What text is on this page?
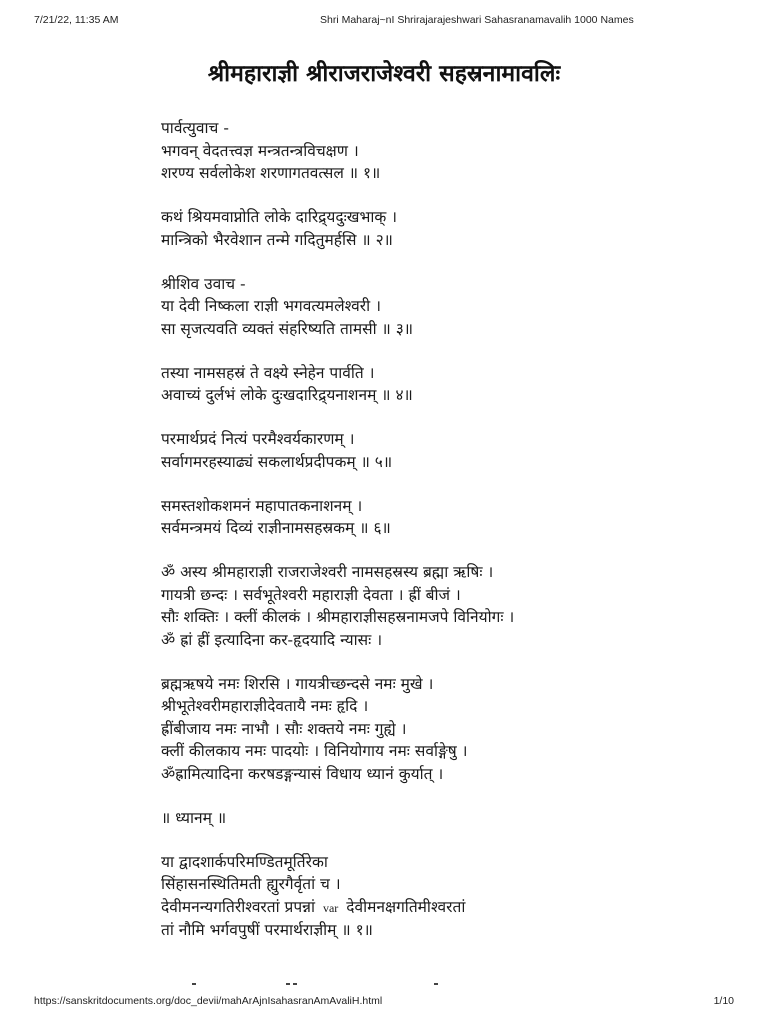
7/21/22, 11:35 AM	Shri Maharaj~nI Shrirajarajeshwari Sahasranamavalih 1000 Names
श्रीमहाराज्ञी श्रीराजराजेश्वरी सहस्रनामावलिः
पार्वत्युवाच -
भगवन् वेदतत्त्वज्ञ मन्त्रतन्त्रविचक्षण ।
शरण्य सर्वलोकेश शरणागतवत्सल ॥ १॥
कथं श्रियमवाप्नोति लोके दारिद्र्यदुःखभाक् ।
मान्त्रिको भैरवेशान तन्मे गदितुमर्हसि ॥ २॥
श्रीशिव उवाच -
या देवी निष्कला राज्ञी भगवत्यमलेश्वरी ।
सा सृजत्यवति व्यक्तं संहरिष्यति तामसी ॥ ३॥
तस्या नामसहस्रं ते वक्ष्ये स्नेहेन पार्वति ।
अवाच्यं दुर्लभं लोके दुःखदारिद्र्यनाशनम् ॥ ४॥
परमार्थप्रदं नित्यं परमैश्वर्यकारणम् ।
सर्वागमरहस्याढ्यं सकलार्थप्रदीपकम् ॥ ५॥
समस्तशोकशमनं महापातकनाशनम् ।
सर्वमन्त्रमयं दिव्यं राज्ञीनामसहस्रकम् ॥ ६॥
ॐ अस्य श्रीमहाराज्ञी राजराजेश्वरी नामसहस्रस्य ब्रह्मा ऋषिः ।
गायत्री छन्दः । सर्वभूतेश्वरी महाराज्ञी देवता । ह्रीं बीजं ।
सौः शक्तिः । क्लीं कीलकं । श्रीमहाराज्ञीसहस्रनामजपे विनियोगः ।
ॐ ह्रां ह्रीं इत्यादिना कर-हृदयादि न्यासः ।
ब्रह्मऋषये नमः शिरसि । गायत्रीच्छन्दसे नमः मुखे ।
श्रीभूतेश्वरीमहाराज्ञीदेवतायै नमः हृदि ।
ह्रींबीजाय नमः नाभौ । सौः शक्तये नमः गुह्ये ।
क्लीं कीलकाय नमः पादयोः । विनियोगाय नमः सर्वाङ्गेषु ।
ॐह्रामित्यादिना करषडङ्गन्यासं विधाय ध्यानं कुर्यात् ।
॥ ध्यानम् ॥
या द्वादशार्कपरिमण्डितमूर्तिरेका
सिंहासनस्थितिमती ह्युरगैर्वृतां च ।
देवीमनन्यगतिरीश्वरतां प्रपन्नां var देवीमनक्षगतिमीश्वरतां
तां नौमि भर्गवपुषीं परमार्थराज्ञीम् ॥ १॥
https://sanskritdocuments.org/doc_devii/mahArAjnIsahasranAmAvaliH.html	1/10
